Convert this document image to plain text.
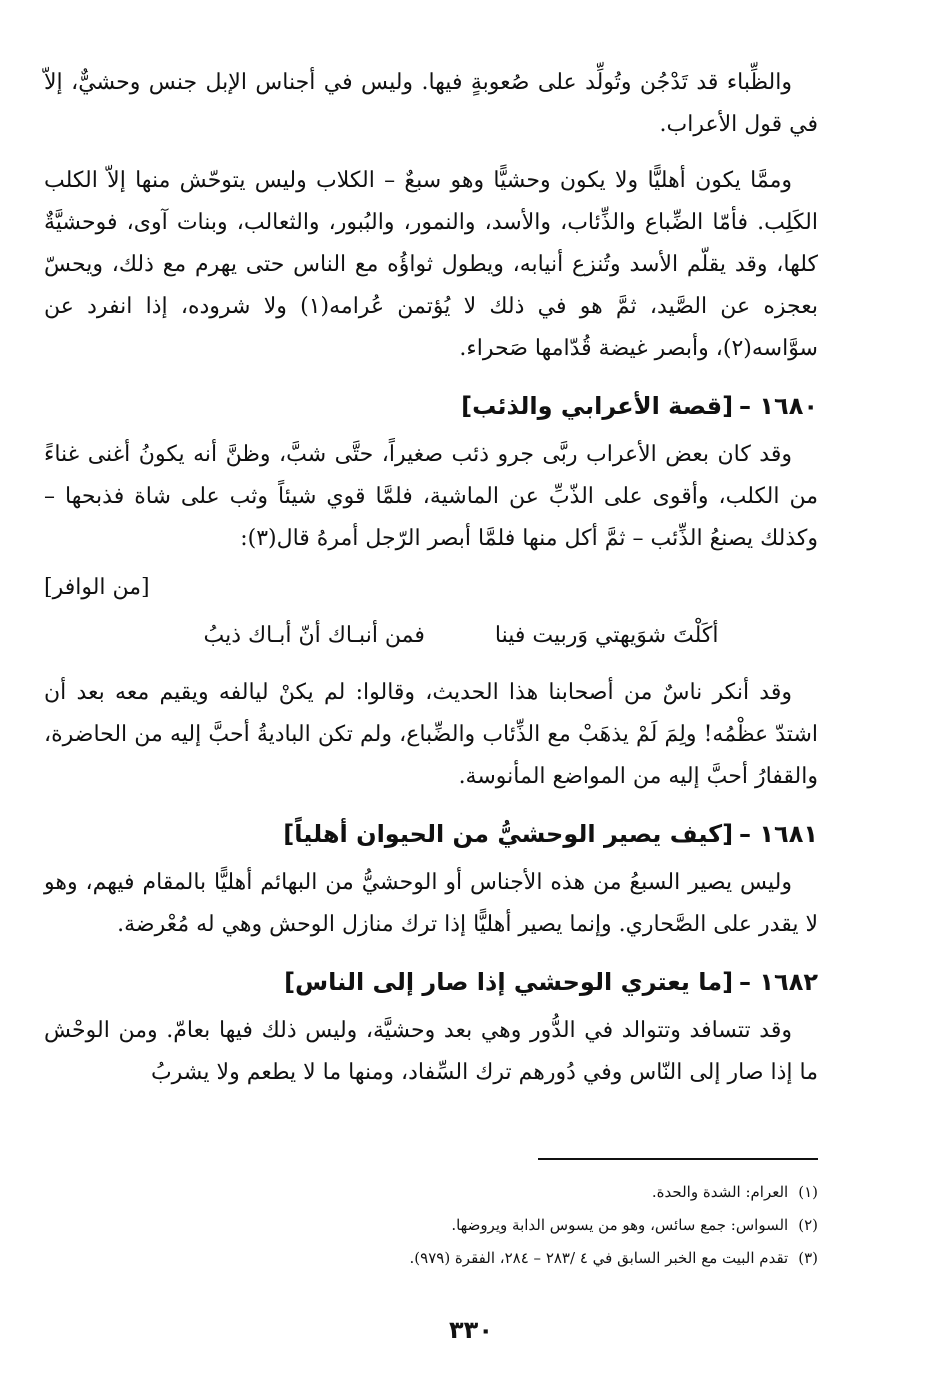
والظِّباء قد تَدْجُن وتُولِّد على صُعوبةٍ فيها. وليس في أجناس الإبل جنس وحشيٌّ، إلاّ في قول الأعراب.

وممَّا يكون أهليًّا ولا يكون وحشيًّا وهو سبعٌ – الكلاب وليس يتوحّش منها إلاّ الكلب الكَلِب. فأمّا الضِّباع والذِّئاب، والأسد، والنمور، والبُبور، والثعالب، وبنات آوى، فوحشيَّةٌ كلها، وقد يقلّم الأسد وتُنزع أنيابه، ويطول ثواؤُه مع الناس حتى يهرم مع ذلك، ويحسّ بعجزه عن الصَّيد، ثمَّ هو في ذلك لا يُؤتمن عُرامه(١) ولا شروده، إذا انفرد عن سوَّاسه(٢)، وأبصر غيضة قُدّامها صَحراء.

١٦٨٠ –[قصة الأعرابي والذئب]

وقد كان بعض الأعراب ربَّى جرو ذئب صغيراً، حتَّى شبَّ، وظنَّ أنه يكونُ أغنى غناءً من الكلب، وأقوى على الذّبِّ عن الماشية، فلمَّا قوي شيئاً وثب على شاة فذبحها – وكذلك يصنعُ الذِّئب – ثمَّ أكل منها فلمَّا أبصر الرّجل أمرهُ قال(٣):

[من الوافر]
أكَلْتَ شوَيهتي وَربيت فينا
فمن أنبـاك أنّ أبـاك ذيبُ

وقد أنكر ناسٌ من أصحابنا هذا الحديث، وقالوا: لم يكنْ ليالفه ويقيم معه بعد أن اشتدّ عظْمُه! ولِمَ لَمْ يذهَبْ مع الذِّئاب والضِّباع، ولم تكن الباديةُ أحبَّ إليه من الحاضرة، والقفارُ أحبَّ إليه من المواضع المأنوسة.

١٦٨١ –[كيف يصير الوحشيُّ من الحيوان أهلياً]

وليس يصير السبعُ من هذه الأجناس أو الوحشيُّ من البهائم أهليًّا بالمقام فيهم، وهو لا يقدر على الصَّحاري. وإنما يصير أهليًّا إذا ترك منازل الوحش وهي له مُعْرضة.

١٦٨٢ –[ما يعتري الوحشي إذا صار إلى الناس]

وقد تتسافد وتتوالد في الدُّور وهي بعد وحشيَّة، وليس ذلك فيها بعامّ. ومن الوحْش ما إذا صار إلى النّاس وفي دُورهم ترك السِّفاد، ومنها ما لا يطعم ولا يشربُ

(١)العرام: الشدة والحدة.

(٢)السواس: جمع سائس، وهو من يسوس الدابة ويروضها.

(٣)تقدم البيت مع الخبر السابق في ٤ /٢٨٣ – ٢٨٤، الفقرة (٩٧٩).

٣٣٠
